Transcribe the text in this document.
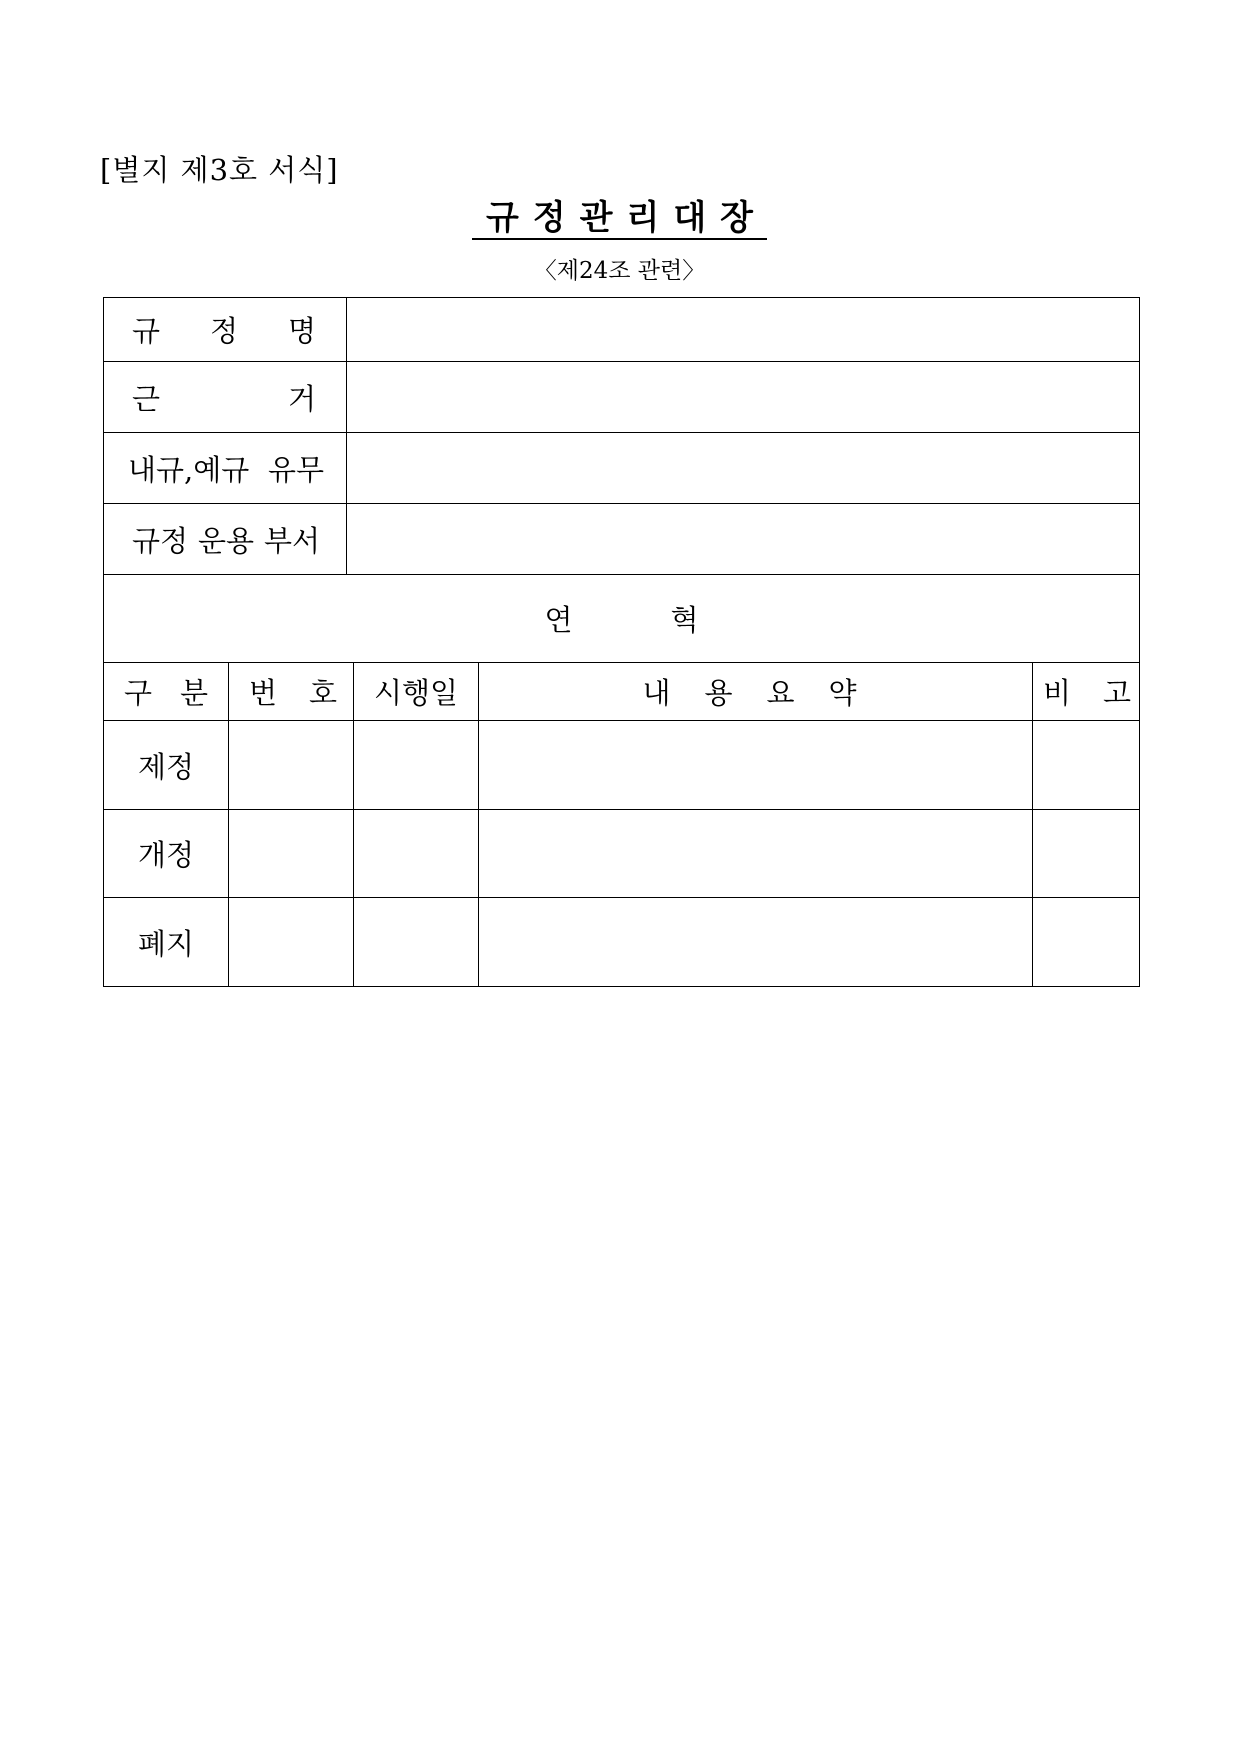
[별지 제3호 서식]
규정관리대장
〈제24조 관련〉
규 정 명	

근 거	

내규,예규 유무	

규정 운용 부서	

연 혁				

구 분	번 호	시행일	내 용 요 약	비 고

제정				
개정				
폐지				
